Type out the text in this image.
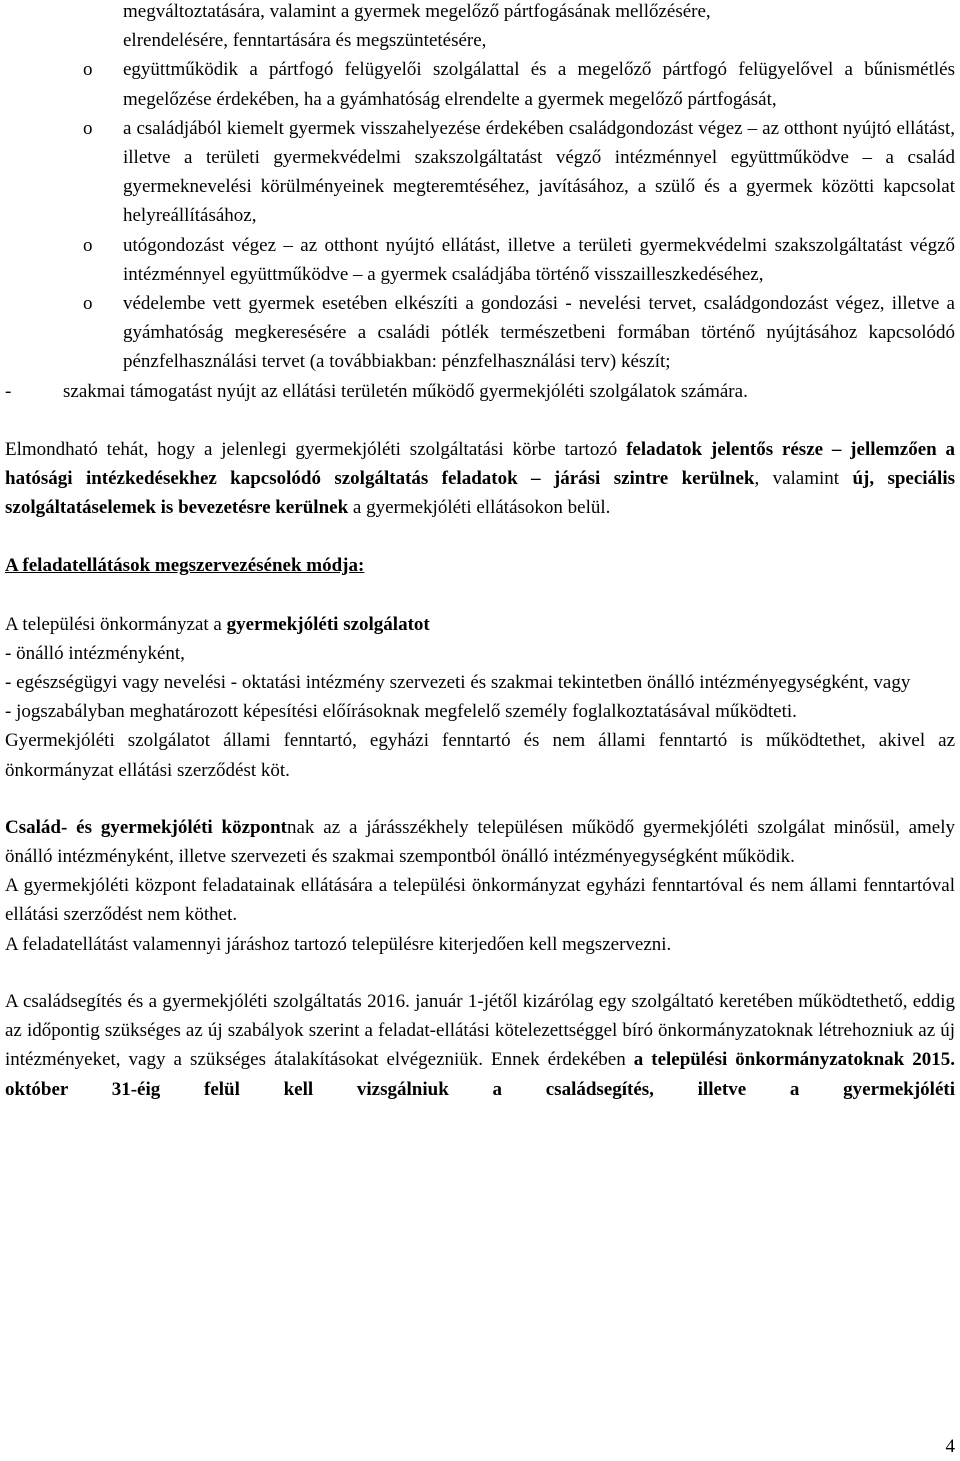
megváltoztatására, valamint a gyermek megelőző pártfogásának mellőzésére,
elrendelésére, fenntartására és megszüntetésére,
o együttműködik a pártfogó felügyelői szolgálattal és a megelőző pártfogó felügyelővel a bűnismétlés megelőzése érdekében, ha a gyámhatóság elrendelte a gyermek megelőző pártfogását,
o a családjából kiemelt gyermek visszahelyezése érdekében családgondozást végez – az otthont nyújtó ellátást, illetve a területi gyermekvédelmi szakszolgáltatást végző intézménnyel együttműködve – a család gyermeknevelési körülményeinek megteremtéséhez, javításához, a szülő és a gyermek közötti kapcsolat helyreállításához,
o utógondozást végez – az otthont nyújtó ellátást, illetve a területi gyermekvédelmi szakszolgáltatást végző intézménnyel együttműködve – a gyermek családjába történő visszailleszkedéséhez,
o védelembe vett gyermek esetében elkészíti a gondozási - nevelési tervet, családgondozást végez, illetve a gyámhatóság megkeresésére a családi pótlék természetbeni formában történő nyújtásához kapcsolódó pénzfelhasználási tervet (a továbbiakban: pénzfelhasználási terv) készít;
-	szakmai támogatást nyújt az ellátási területén működő gyermekjóléti szolgálatok számára.

Elmondható tehát, hogy a jelenlegi gyermekjóléti szolgáltatási körbe tartozó feladatok jelentős része – jellemzően a hatósági intézkedésekhez kapcsolódó szolgáltatás feladatok – járási szintre kerülnek, valamint új, speciális szolgáltatáselemek is bevezetésre kerülnek a gyermekjóléti ellátásokon belül.

A feladatellátások megszervezésének módja:

A települési önkormányzat a gyermekjóléti szolgálatot

- önálló intézményként,

- egészségügyi vagy nevelési - oktatási intézmény szervezeti és szakmai tekintetben önálló intézményegységként, vagy

- jogszabályban meghatározott képesítési előírásoknak megfelelő személy foglalkoztatásával működteti.

Gyermekjóléti szolgálatot állami fenntartó, egyházi fenntartó és nem állami fenntartó is működtethet, akivel az önkormányzat ellátási szerződést köt.

Család- és gyermekjóléti központnak az a járásszékhely településen működő gyermekjóléti szolgálat minősül, amely önálló intézményként, illetve szervezeti és szakmai szempontból önálló intézményegységként működik.

A gyermekjóléti központ feladatainak ellátására a települési önkormányzat egyházi fenntartóval és nem állami fenntartóval ellátási szerződést nem köthet.

A feladatellátást valamennyi járáshoz tartozó településre kiterjedően kell megszervezni.

A családsegítés és a gyermekjóléti szolgáltatás 2016. január 1-jétől kizárólag egy szolgáltató keretében működtethető, eddig az időpontig szükséges az új szabályok szerint a feladat-ellátási kötelezettséggel bíró önkormányzatoknak létrehozniuk az új intézményeket, vagy a szükséges átalakításokat elvégezniük. Ennek érdekében a települési önkormányzatoknak 2015. október 31-éig felül kell vizsgálniuk a családsegítés, illetve a gyermekjóléti

4
